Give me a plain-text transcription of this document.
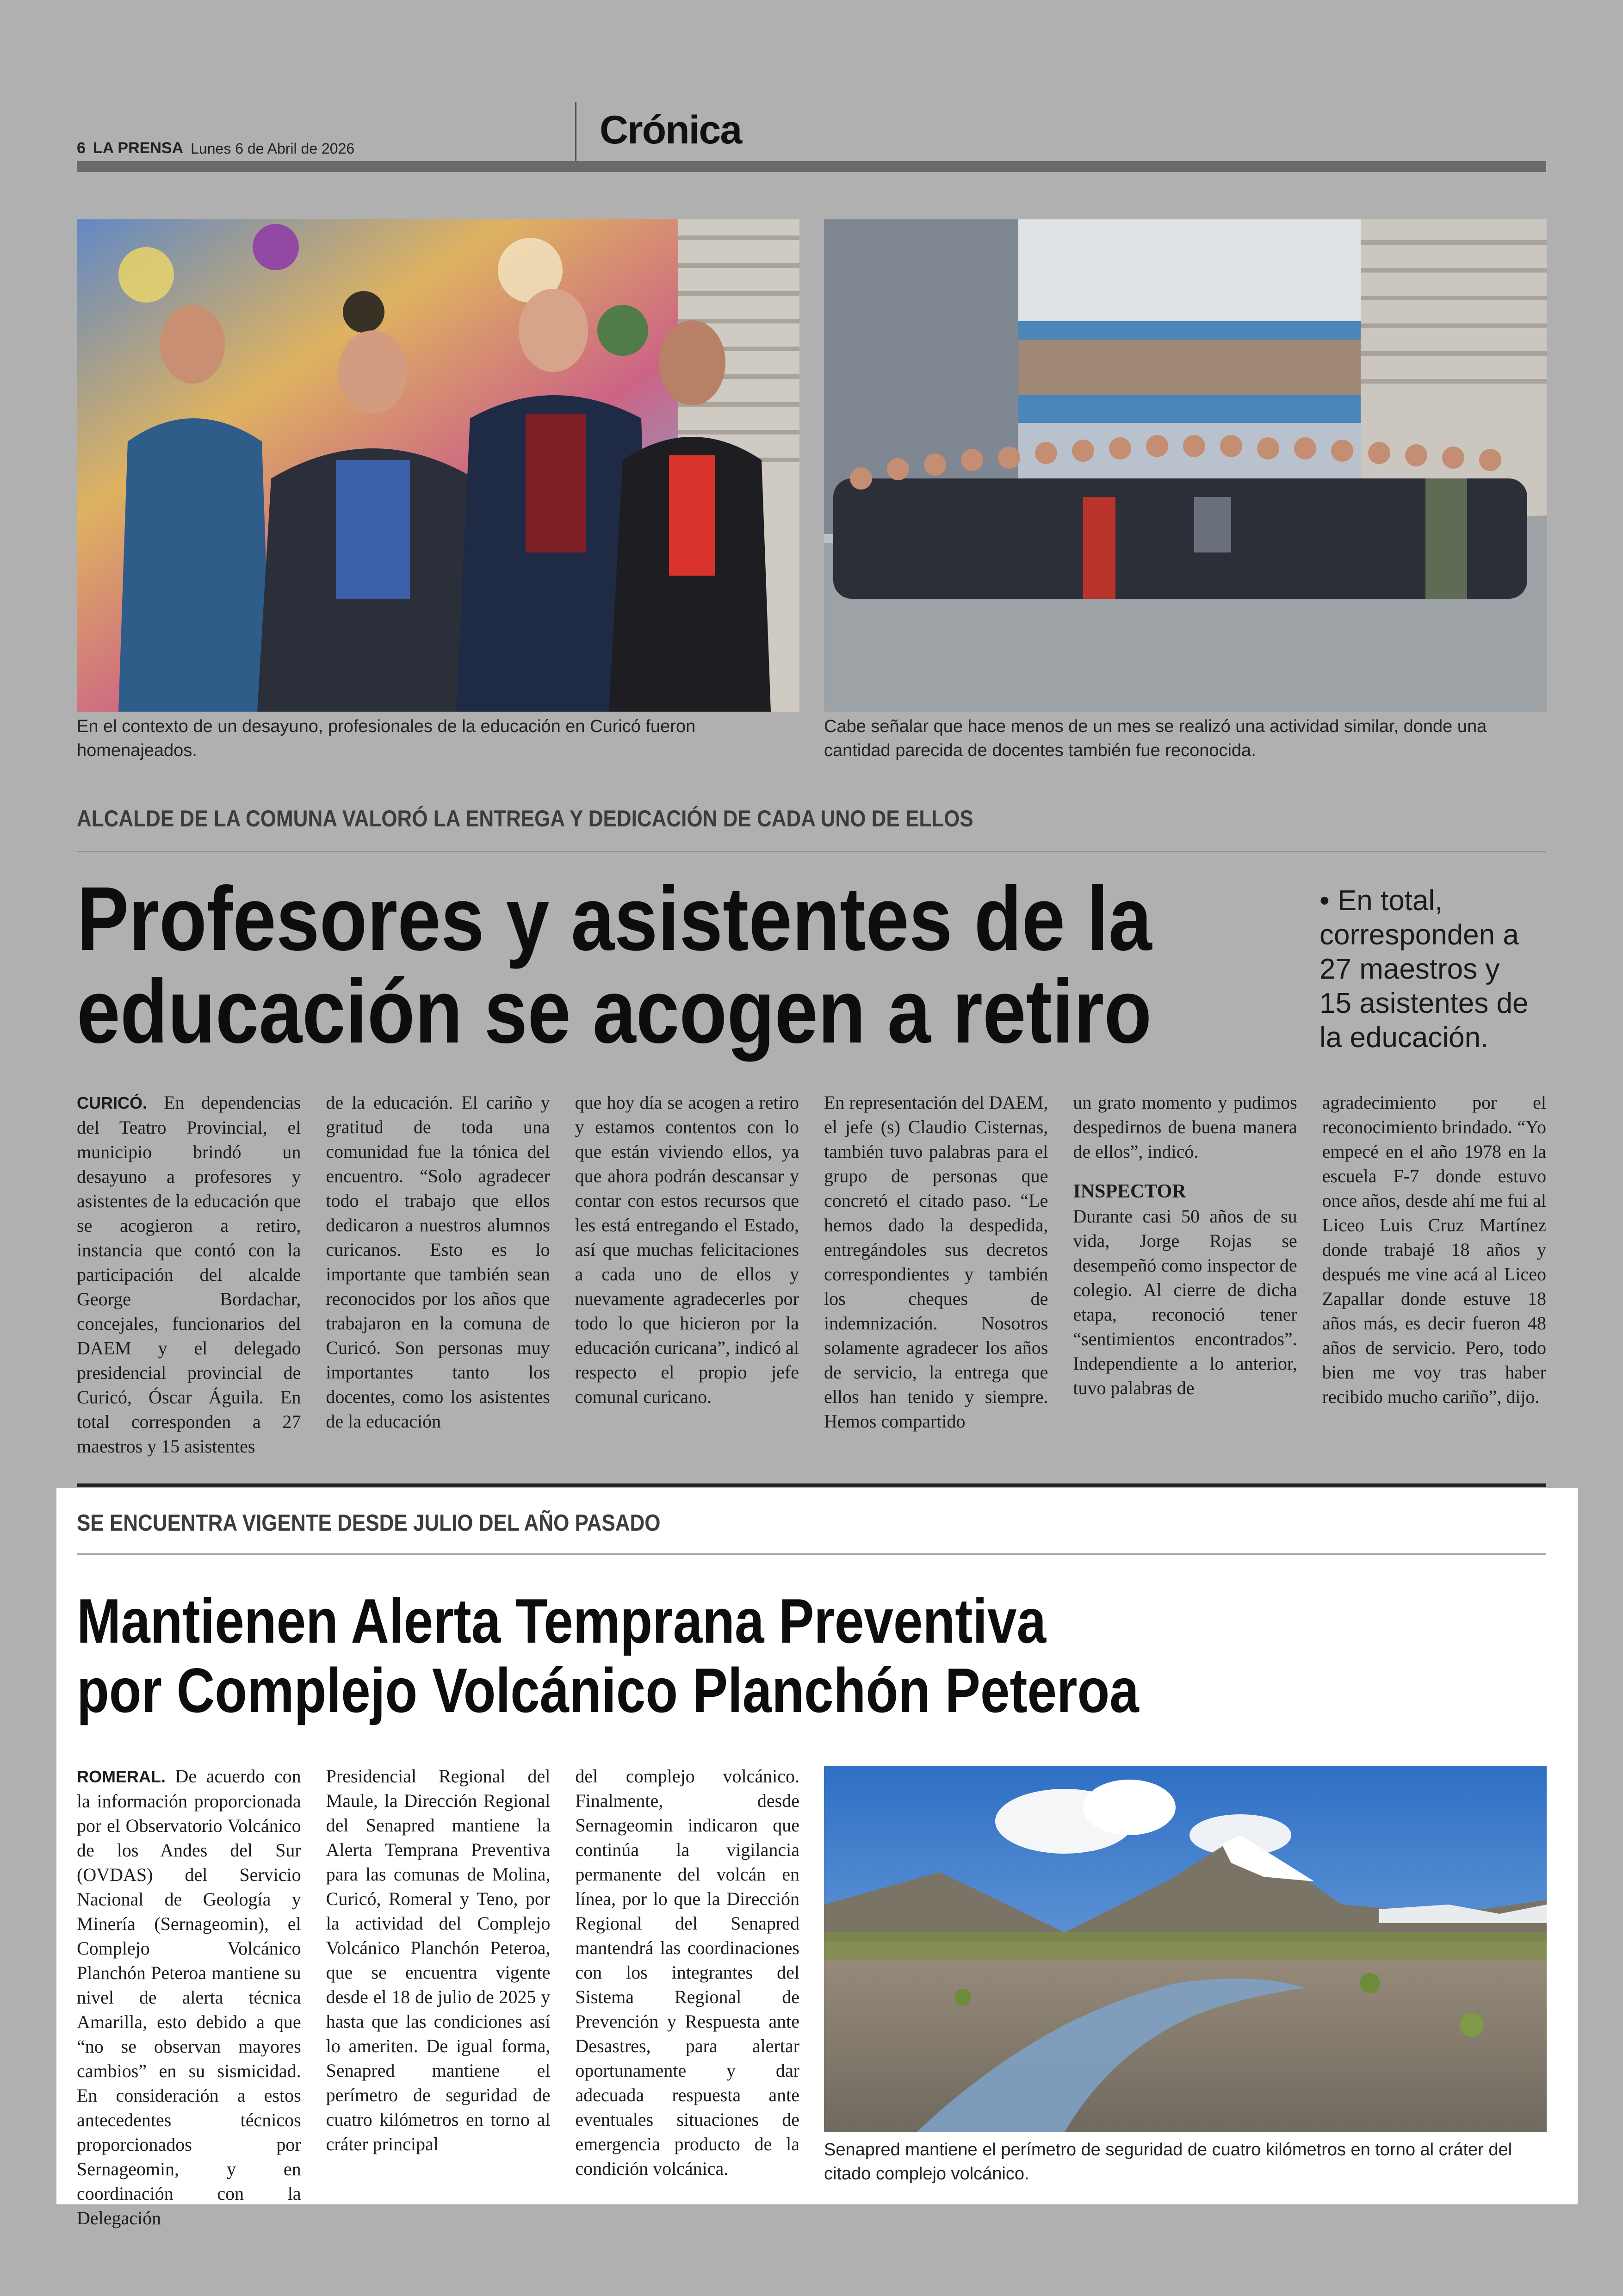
6 LA PRENSA Lunes 6 de Abril de 2026	Crónica
En el contexto de un desayuno, profesionales de la educación en Curicó fueron homenajeados.
Cabe señalar que hace menos de un mes se realizó una actividad similar, donde una cantidad parecida de docentes también fue reconocida.
ALCALDE DE LA COMUNA VALORÓ LA ENTREGA Y DEDICACIÓN DE CADA UNO DE ELLOS
Profesores y asistentes de la
educación se acogen a retiro
• En total, corresponden a 27 maestros y 15 asistentes de la educación.
CURICÓ. En dependencias del Teatro Provincial, el municipio brindó un desayuno a profesores y asistentes de la educación que se acogieron a retiro, instancia que contó con la participación del alcalde George Bordachar, concejales, funcionarios del DAEM y el delegado presidencial provincial de Curicó, Óscar Águila. En total corresponden a 27 maestros y 15 asistentes
de la educación. El cariño y gratitud de toda una comunidad fue la tónica del encuentro. “Solo agradecer todo el trabajo que ellos dedicaron a nuestros alumnos curicanos. Esto es lo importante que también sean reconocidos por los años que trabajaron en la comuna de Curicó. Son personas muy importantes tanto los docentes, como los asistentes de la educación
que hoy día se acogen a retiro y estamos contentos con lo que están viviendo ellos, ya que ahora podrán descansar y contar con estos recursos que les está entregando el Estado, así que muchas felicitaciones a cada uno de ellos y nuevamente agradecerles por todo lo que hicieron por la educación curicana”, indicó al respecto el propio jefe comunal curicano.
En representación del DAEM, el jefe (s) Claudio Cisternas, también tuvo palabras para el grupo de personas que concretó el citado paso. “Le hemos dado la despedida, entregándoles sus decretos correspondientes y también los cheques de indemnización. Nosotros solamente agradecer los años de servicio, la entrega que ellos han tenido y siempre. Hemos compartido
un grato momento y pudimos despedirnos de buena manera de ellos”, indicó.
INSPECTOR
Durante casi 50 años de su vida, Jorge Rojas se desempeñó como inspector de colegio. Al cierre de dicha etapa, reconoció tener “sentimientos encontrados”. Independiente a lo anterior, tuvo palabras de
agradecimiento por el reconocimiento brindado. “Yo empecé en el año 1978 en la escuela F-7 donde estuvo once años, desde ahí me fui al Liceo Luis Cruz Martínez donde trabajé 18 años y después me vine acá al Liceo Zapallar donde estuve 18 años más, es decir fueron 48 años de servicio. Pero, todo bien me voy tras haber recibido mucho cariño”, dijo.
SE ENCUENTRA VIGENTE DESDE JULIO DEL AÑO PASADO
Mantienen Alerta Temprana Preventiva
por Complejo Volcánico Planchón Peteroa
ROMERAL. De acuerdo con la información proporcionada por el Observatorio Volcánico de los Andes del Sur (OVDAS) del Servicio Nacional de Geología y Minería (Sernageomin), el Complejo Volcánico Planchón Peteroa mantiene su nivel de alerta técnica Amarilla, esto debido a que “no se observan mayores cambios” en su sismicidad. En consideración a estos antecedentes técnicos proporcionados por Sernageomin, y en coordinación con la Delegación
Presidencial Regional del Maule, la Dirección Regional del Senapred mantiene la Alerta Temprana Preventiva para las comunas de Molina, Curicó, Romeral y Teno, por la actividad del Complejo Volcánico Planchón Peteroa, que se encuentra vigente desde el 18 de julio de 2025 y hasta que las condiciones así lo ameriten. De igual forma, Senapred mantiene el perímetro de seguridad de cuatro kilómetros en torno al cráter principal
del complejo volcánico. Finalmente, desde Sernageomin indicaron que continúa la vigilancia permanente del volcán en línea, por lo que la Dirección Regional del Senapred mantendrá las coordinaciones con los integrantes del Sistema Regional de Prevención y Respuesta ante Desastres, para alertar oportunamente y dar adecuada respuesta ante eventuales situaciones de emergencia producto de la condición volcánica.
Senapred mantiene el perímetro de seguridad de cuatro kilómetros en torno al cráter del citado complejo volcánico.
